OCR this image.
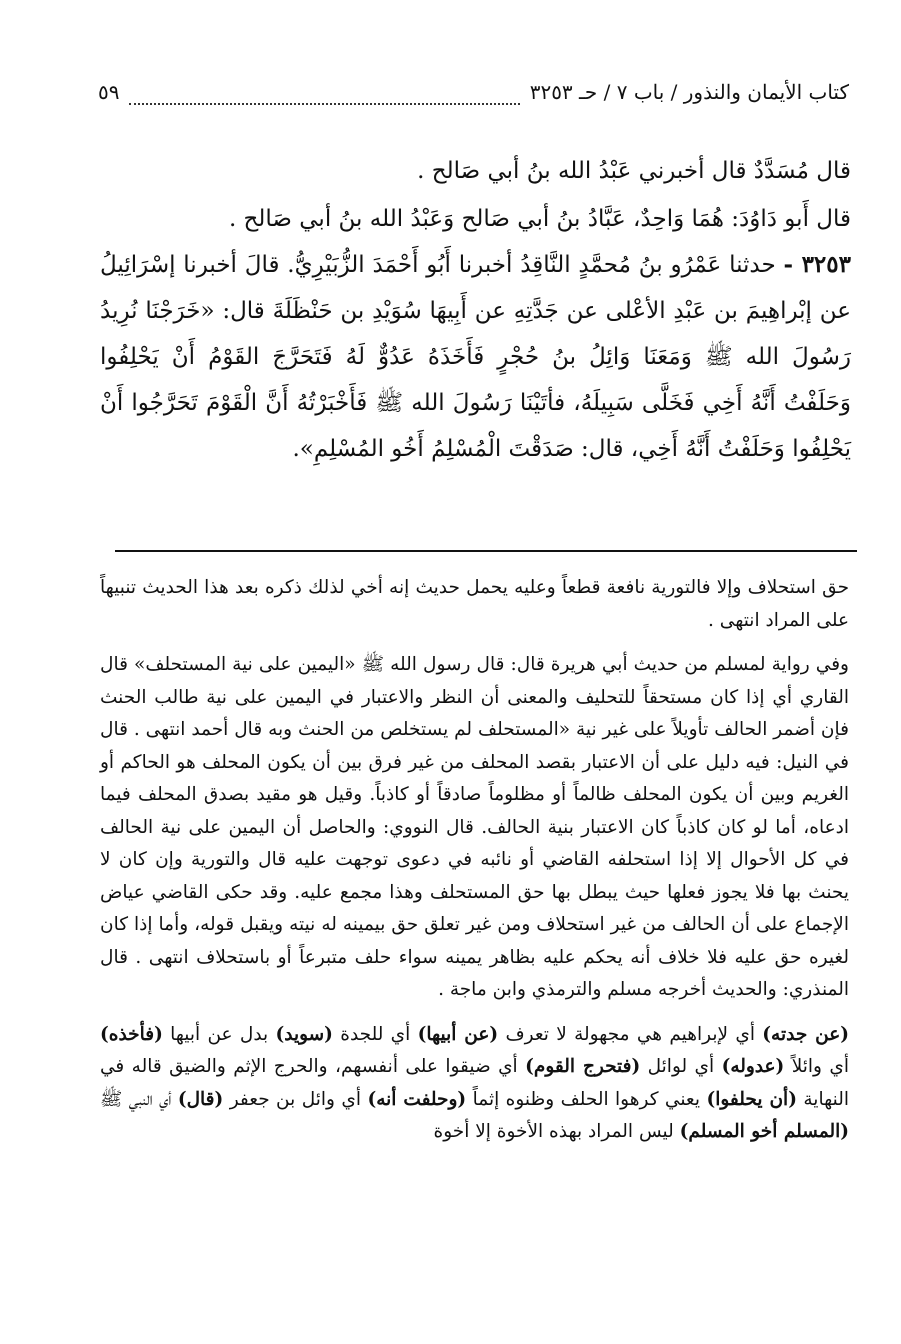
كتاب الأيمان والنذور / باب ٧ / حـ ٣٢٥٣
٥٩

قال مُسَدَّدٌ قال أخبرني عَبْدُ الله بنُ أبي صَالح .

قال أَبو دَاوُدَ: هُمَا وَاحِدٌ، عَبَّادُ بنُ أبي صَالح وَعَبْدُ الله بنُ أبي صَالح .

٣٢٥٣ - حدثنا عَمْرُو بنُ مُحمَّدٍ النَّاقِدُ أخبرنا أَبُو أَحْمَدَ الزُّبَيْرِيُّ. قالَ أخبرنا إسْرَائِيلُ عن إبْراهِيمَ بن عَبْدِ الأعْلى عن جَدَّتِهِ عن أَبِيهَا سُوَيْدِ بن حَنْظَلَةَ قال: «خَرَجْنَا نُرِيدُ رَسُولَ الله ﷺ وَمَعَنَا وَائِلُ بنُ حُجْرٍ فَأَخَذَهُ عَدُوٌّ لَهُ فَتَحَرَّجَ القَوْمُ أَنْ يَحْلِفُوا وَحَلَفْتُ أَنَّهُ أَخِي فَخَلَّى سَبِيلَهُ، فأتَيْنَا رَسُولَ الله ﷺ فَأَخْبَرْتُهُ أَنَّ الْقَوْمَ تَحَرَّجُوا أَنْ يَحْلِفُوا وَحَلَفْتُ أَنَّهُ أَخِي، قال: صَدَقْتَ الْمُسْلِمُ أَخُو المُسْلِمِ».

حق استحلاف وإلا فالتورية نافعة قطعاً وعليه يحمل حديث إنه أخي لذلك ذكره بعد هذا الحديث تنبيهاً على المراد انتهى .

وفي رواية لمسلم من حديث أبي هريرة قال: قال رسول الله ﷺ «اليمين على نية المستحلف» قال القاري أي إذا كان مستحقاً للتحليف والمعنى أن النظر والاعتبار في اليمين على نية طالب الحنث فإن أضمر الحالف تأويلاً على غير نية «المستحلف لم يستخلص من الحنث وبه قال أحمد انتهى . قال في النيل: فيه دليل على أن الاعتبار بقصد المحلف من غير فرق بين أن يكون المحلف هو الحاكم أو الغريم وبين أن يكون المحلف ظالماً أو مظلوماً صادقاً أو كاذباً. وقيل هو مقيد بصدق المحلف فيما ادعاه، أما لو كان كاذباً كان الاعتبار بنية الحالف. قال النووي: والحاصل أن اليمين على نية الحالف في كل الأحوال إلا إذا استحلفه القاضي أو نائبه في دعوى توجهت عليه قال والتورية وإن كان لا يحنث بها فلا يجوز فعلها حيث يبطل بها حق المستحلف وهذا مجمع عليه. وقد حكى القاضي عياض الإجماع على أن الحالف من غير استحلاف ومن غير تعلق حق بيمينه له نيته ويقبل قوله، وأما إذا كان لغيره حق عليه فلا خلاف أنه يحكم عليه بظاهر يمينه سواء حلف متبرعاً أو باستحلاف انتهى . قال المنذري: والحديث أخرجه مسلم والترمذي وابن ماجة .

(عن جدته) أي لإبراهيم هي مجهولة لا تعرف (عن أبيها) أي للجدة (سويد) بدل عن أبيها (فأخذه) أي وائلاً (عدوله) أي لوائل (فتحرج القوم) أي ضيقوا على أنفسهم، والحرج الإثم والضيق قاله في النهاية (أن يحلفوا) يعني كرهوا الحلف وظنوه إثماً (وحلفت أنه) أي وائل بن جعفر (قال) أي النبي ﷺ (المسلم أخو المسلم) ليس المراد بهذه الأخوة إلا أخوة
